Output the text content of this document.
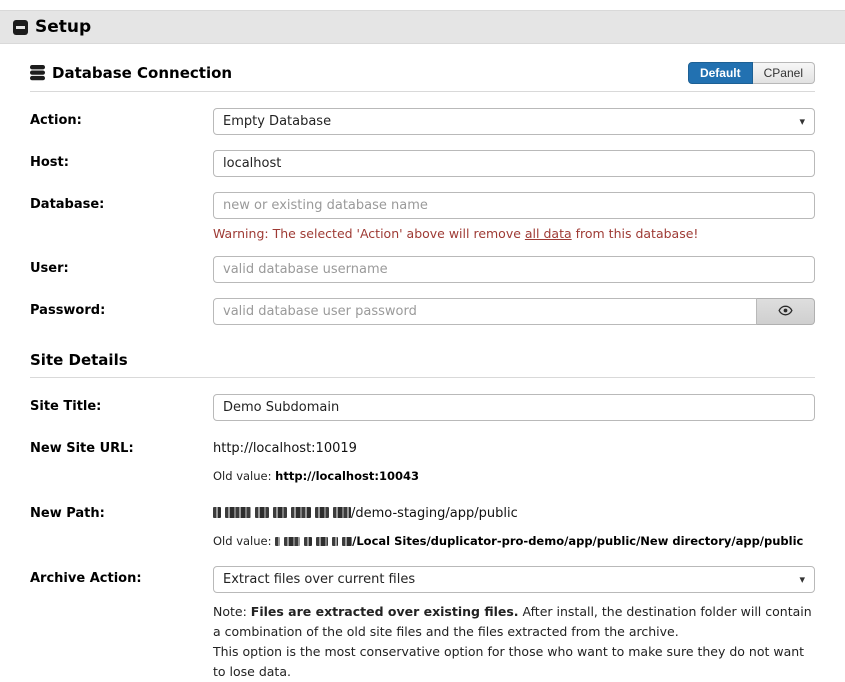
Setup
Database Connection	Default	CPanel
Action:	Empty Database	▾
Host:
localhost
Database:
new or existing database name
Warning: The selected 'Action' above will remove all data from this database!
User:
valid database username
Password:
valid database user password
Site Details
Site Title:
Demo Subdomain
New Site URL:	http://localhost:10019
Old value: http://localhost:10043
New Path:	/demo-staging/app/public
Old value:	/Local Sites/duplicator-pro-demo/app/public/New directory/app/public
Archive Action:	Extract files over current files	▾
Note: Files are extracted over existing files. After install, the destination folder will contain a combination of the old site files and the files extracted from the archive.
This option is the most conservative option for those who want to make sure they do not want to lose data.
